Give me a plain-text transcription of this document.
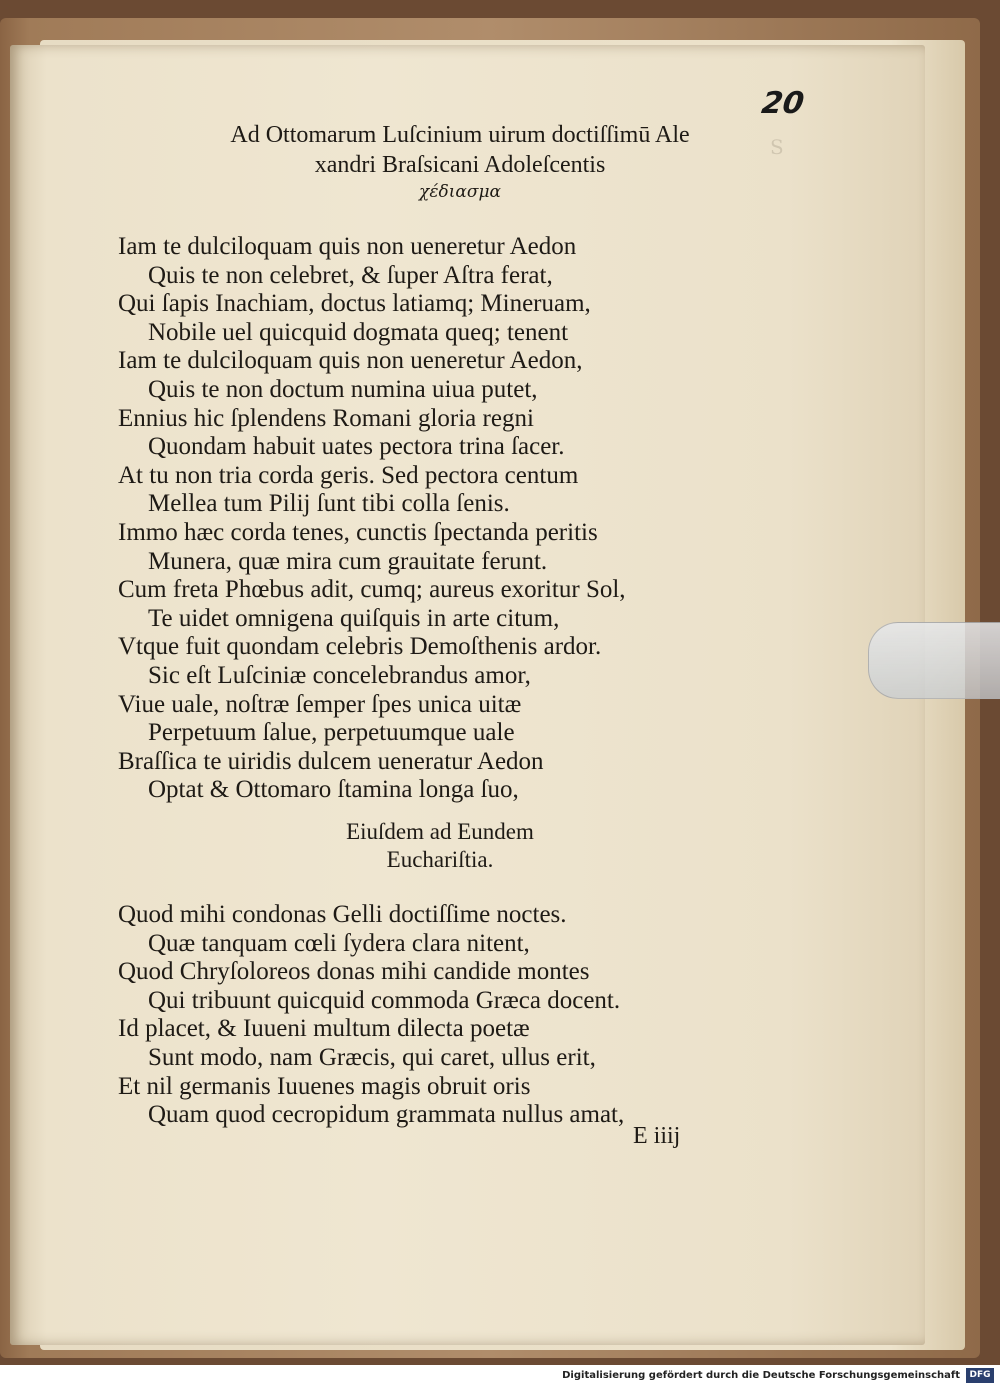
S
20
Ad Ottomarum Luſcinium uirum doctiſſimū Ale
xandri Braſsicani Adoleſcentis
χέδιασμα
Iam te dulciloquam quis non ueneretur Aedon
Quis te non celebret, & ſuper Aſtra ferat,
Qui ſapis Inachiam, doctus latiamq; Mineruam,
Nobile uel quicquid dogmata queq; tenent
Iam te dulciloquam quis non ueneretur Aedon,
Quis te non doctum numina uiua putet,
Ennius hic ſplendens Romani gloria regni
Quondam habuit uates pectora trina ſacer.
At tu non tria corda geris. Sed pectora centum
Mellea tum Pilij ſunt tibi colla ſenis.
Immo hæc corda tenes, cunctis ſpectanda peritis
Munera, quæ mira cum grauitate ferunt.
Cum freta Phœbus adit, cumq; aureus exoritur Sol,
Te uidet omnigena quiſquis in arte citum,
Vtque fuit quondam celebris Demoſthenis ardor.
Sic eſt Luſciniæ concelebrandus amor,
Viue uale, noſtræ ſemper ſpes unica uitæ
Perpetuum ſalue, perpetuumque uale
Braſſica te uiridis dulcem ueneratur Aedon
Optat & Ottomaro ſtamina longa ſuo,
Eiuſdem ad Eundem
Euchariſtia.
Quod mihi condonas Gelli doctiſſime noctes.
Quæ tanquam cœli ſydera clara nitent,
Quod Chryſoloreos donas mihi candide montes
Qui tribuunt quicquid commoda Græca docent.
Id placet, & Iuueni multum dilecta poetæ
Sunt modo, nam Græcis, qui caret, ullus erit,
Et nil germanis Iuuenes magis obruit oris
Quam quod cecropidum grammata nullus amat,
E iiij
Digitalisierung gefördert durch die Deutsche Forschungsgemeinschaft	DFG
